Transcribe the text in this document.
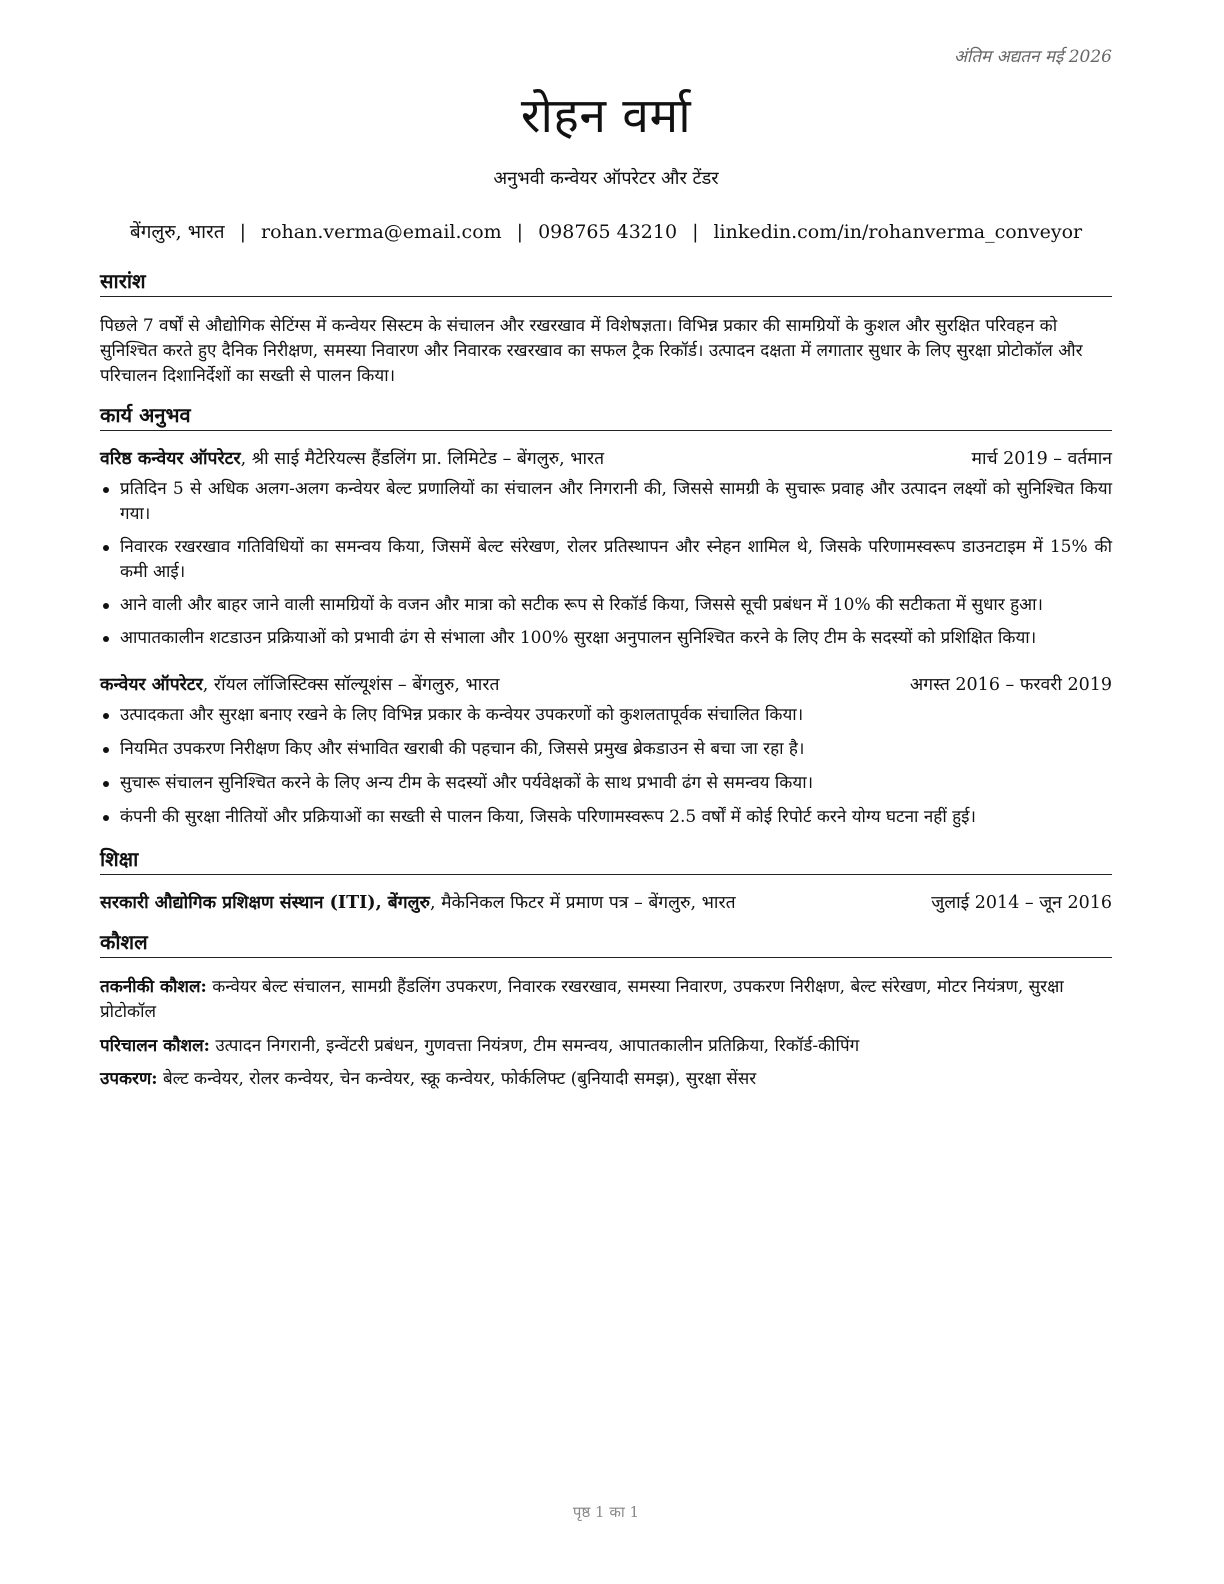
अंतिम अद्यतन मई 2026
रोहन वर्मा
अनुभवी कन्वेयर ऑपरेटर और टेंडर
बेंगलुरु, भारत | rohan.verma@email.com | 098765 43210 | linkedin.com/in/rohanverma_conveyor
सारांश
पिछले 7 वर्षों से औद्योगिक सेटिंग्स में कन्वेयर सिस्टम के संचालन और रखरखाव में विशेषज्ञता। विभिन्न प्रकार की सामग्रियों के कुशल और सुरक्षित परिवहन को सुनिश्चित करते हुए दैनिक निरीक्षण, समस्या निवारण और निवारक रखरखाव का सफल ट्रैक रिकॉर्ड। उत्पादन दक्षता में लगातार सुधार के लिए सुरक्षा प्रोटोकॉल और परिचालन दिशानिर्देशों का सख्ती से पालन किया।
कार्य अनुभव
वरिष्ठ कन्वेयर ऑपरेटर, श्री साई मैटेरियल्स हैंडलिंग प्रा. लिमिटेड – बेंगलुरु, भारत	मार्च 2019 – वर्तमान
प्रतिदिन 5 से अधिक अलग-अलग कन्वेयर बेल्ट प्रणालियों का संचालन और निगरानी की, जिससे सामग्री के सुचारू प्रवाह और उत्पादन लक्ष्यों को सुनिश्चित किया गया।
निवारक रखरखाव गतिविधियों का समन्वय किया, जिसमें बेल्ट संरेखण, रोलर प्रतिस्थापन और स्नेहन शामिल थे, जिसके परिणामस्वरूप डाउनटाइम में 15% की कमी आई।
आने वाली और बाहर जाने वाली सामग्रियों के वजन और मात्रा को सटीक रूप से रिकॉर्ड किया, जिससे सूची प्रबंधन में 10% की सटीकता में सुधार हुआ।
आपातकालीन शटडाउन प्रक्रियाओं को प्रभावी ढंग से संभाला और 100% सुरक्षा अनुपालन सुनिश्चित करने के लिए टीम के सदस्यों को प्रशिक्षित किया।
कन्वेयर ऑपरेटर, रॉयल लॉजिस्टिक्स सॉल्यूशंस – बेंगलुरु, भारत	अगस्त 2016 – फरवरी 2019
उत्पादकता और सुरक्षा बनाए रखने के लिए विभिन्न प्रकार के कन्वेयर उपकरणों को कुशलतापूर्वक संचालित किया।
नियमित उपकरण निरीक्षण किए और संभावित खराबी की पहचान की, जिससे प्रमुख ब्रेकडाउन से बचा जा रहा है।
सुचारू संचालन सुनिश्चित करने के लिए अन्य टीम के सदस्यों और पर्यवेक्षकों के साथ प्रभावी ढंग से समन्वय किया।
कंपनी की सुरक्षा नीतियों और प्रक्रियाओं का सख्ती से पालन किया, जिसके परिणामस्वरूप 2.5 वर्षों में कोई रिपोर्ट करने योग्य घटना नहीं हुई।
शिक्षा
सरकारी औद्योगिक प्रशिक्षण संस्थान (ITI), बेंगलुरु, मैकेनिकल फिटर में प्रमाण पत्र – बेंगलुरु, भारत	जुलाई 2014 – जून 2016
कौशल
तकनीकी कौशल: कन्वेयर बेल्ट संचालन, सामग्री हैंडलिंग उपकरण, निवारक रखरखाव, समस्या निवारण, उपकरण निरीक्षण, बेल्ट संरेखण, मोटर नियंत्रण, सुरक्षा प्रोटोकॉल
परिचालन कौशल: उत्पादन निगरानी, इन्वेंटरी प्रबंधन, गुणवत्ता नियंत्रण, टीम समन्वय, आपातकालीन प्रतिक्रिया, रिकॉर्ड-कीपिंग
उपकरण: बेल्ट कन्वेयर, रोलर कन्वेयर, चेन कन्वेयर, स्क्रू कन्वेयर, फोर्कलिफ्ट (बुनियादी समझ), सुरक्षा सेंसर
पृष्ठ 1 का 1
